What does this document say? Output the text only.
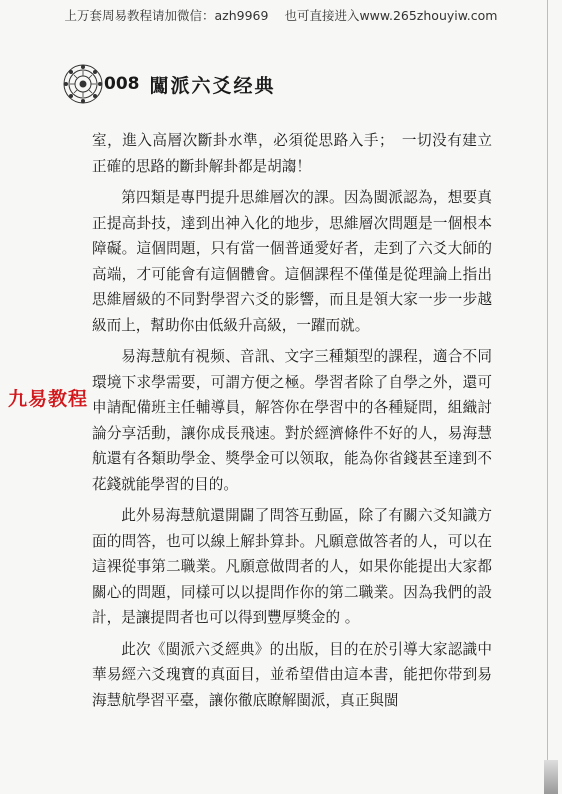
上万套周易教程请加微信：azh9969 也可直接进入www.265zhouyiw.com
008 闖派六爻经典
九易教程

室，進入高層次斷卦水準，必須從思路入手；　一切没有建立正確的思路的斷卦解卦都是胡謅！

第四類是專門提升思維層次的課。因為閩派認為，想要真正提高卦技，達到出神入化的地步，思維層次問題是一個根本障礙。這個問題，只有當一個普通愛好者，走到了六爻大師的高端，才可能會有這個體會。這個課程不僅僅是從理論上指出思維層級的不同對學習六爻的影響，而且是領大家一步一步越級而上，幫助你由低級升高級，一躍而就。

易海慧航有視频、音訊、文字三種類型的課程，適合不同環境下求學需要，可謂方便之極。學習者除了自學之外，還可申請配備班主任輔導員，解答你在學習中的各種疑問，組織討論分享活動，讓你成長飛速。對於經濟條件不好的人，易海慧航還有各類助學金、獎學金可以领取，能為你省錢甚至達到不花錢就能學習的目的。

此外易海慧航還開闢了問答互動區，除了有關六爻知識方面的問答，也可以線上解卦算卦。凡願意做答者的人，可以在這裸從事第二職業。凡願意做問者的人，如果你能提出大家都關心的問題，同樣可以以提問作你的第二職業。因為我們的設計，是讓提問者也可以得到豐厚獎金的 。

此次《閩派六爻經典》的出版，目的在於引導大家認識中華易經六爻瑰寶的真面目，並希望借由這本書，能把你带到易海慧航學習平臺，讓你徹底瞭解閩派，真正與閩
